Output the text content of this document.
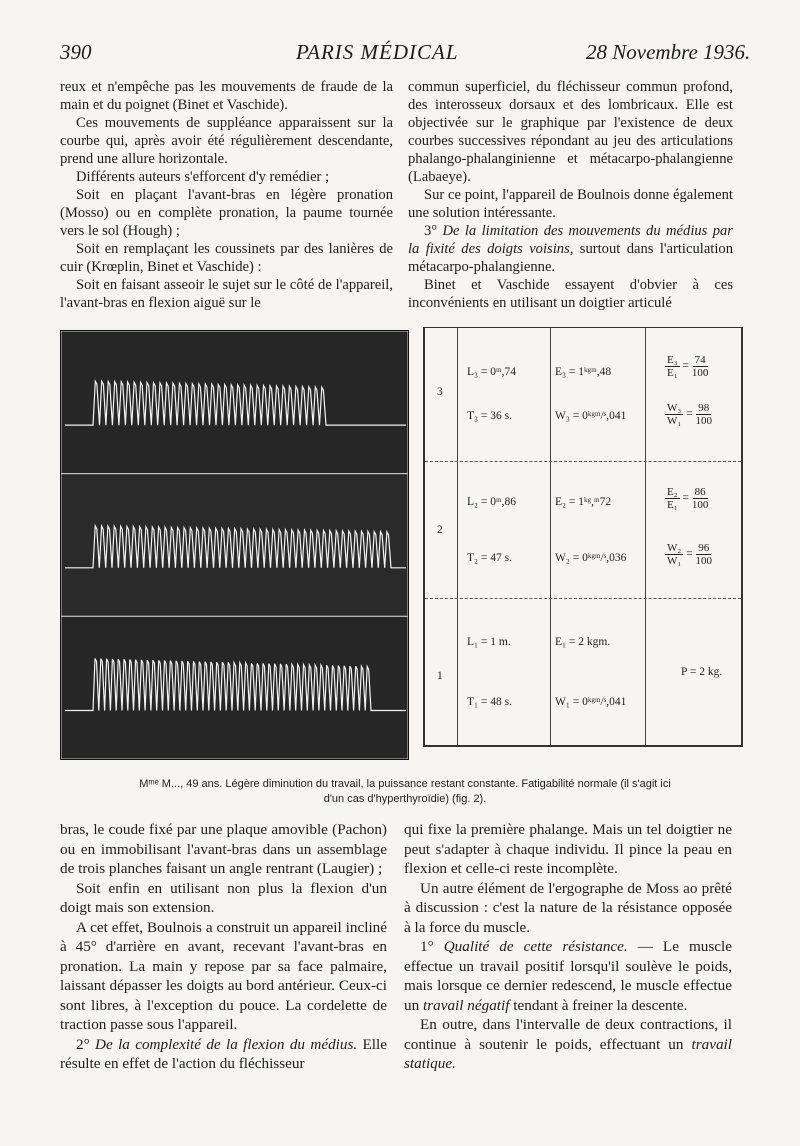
390	PARIS MÉDICAL	28 Novembre 1936.

reux et n'empêche pas les mouvements de fraude de la main et du poignet (Binet et Vaschide).

Ces mouvements de suppléance apparaissent sur la courbe qui, après avoir été régulièrement descendante, prend une allure horizontale.

Différents auteurs s'efforcent d'y remédier ;

Soit en plaçant l'avant-bras en légère pronation (Mosso) ou en complète pronation, la paume tournée vers le sol (Hough) ;

Soit en remplaçant les coussinets par des lanières de cuir (Krœplin, Binet et Vaschide) :

Soit en faisant asseoir le sujet sur le côté de l'appareil, l'avant-bras en flexion aiguë sur le

commun superficiel, du fléchisseur commun profond, des interosseux dorsaux et des lombricaux. Elle est objectivée sur le graphique par l'existence de deux courbes successives répondant au jeu des articulations phalango-phalanginienne et métacarpo-phalangienne (Labaeye).

Sur ce point, l'appareil de Boulnois donne également une solution intéressante.

3° De la limitation des mouvements du médius par la fixité des doigts voisins, surtout dans l'articulation métacarpo-phalangienne.

Binet et Vaschide essayent d'obvier à ces inconvénients en utilisant un doigtier articulé

3
L₃ = 0ᵐ,74
T₃ = 36 s.
E₃ = 1ᵏᵍᵐ,48
W₃ = 0ᵏᵍᵐ/ˢ,041
$\frac{\text{E₃}}{\text{E₁}} = \frac{74}{100}$
$\frac{\text{W₃}}{\text{W₁}} = \frac{98}{100}$
2
L₂ = 0ᵐ,86
T₂ = 47 s.
E₂ = 1ᵏᵍ,ᵐ72
W₂ = 0ᵏᵍᵐ/ˢ,036
$\frac{\text{E₂}}{\text{E₁}} = \frac{86}{100}$
$\frac{\text{W₂}}{\text{W₁}} = \frac{96}{100}$
1
L₁ = 1 m.
T₁ = 48 s.
E₁ = 2 kgm.
W₁ = 0ᵏᵍᵐ/ˢ,041
P = 2 kg.
Mᵐᵉ M..., 49 ans. Légère diminution du travail, la puissance restant constante. Fatigabilité normale (il s'agit ici
d'un cas d'hyperthyroïdie) (fig. 2).

bras, le coude fixé par une plaque amovible (Pachon) ou en immobilisant l'avant-bras dans un assemblage de trois planches faisant un angle rentrant (Laugier) ;

Soit enfin en utilisant non plus la flexion d'un doigt mais son extension.

A cet effet, Boulnois a construit un appareil incliné à 45° d'arrière en avant, recevant l'avant-bras en pronation. La main y repose par sa face palmaire, laissant dépasser les doigts au bord antérieur. Ceux-ci sont libres, à l'exception du pouce. La cordelette de traction passe sous l'appareil.

2° De la complexité de la flexion du médius. Elle résulte en effet de l'action du fléchisseur

qui fixe la première phalange. Mais un tel doigtier ne peut s'adapter à chaque individu. Il pince la peau en flexion et celle-ci reste incomplète.

Un autre élément de l'ergographe de Moss ao prêté à discussion : c'est la nature de la résistance opposée à la force du muscle.

1° Qualité de cette résistance. — Le muscle effectue un travail positif lorsqu'il soulève le poids, mais lorsque ce dernier redescend, le muscle effectue un travail négatif tendant à freiner la descente.

En outre, dans l'intervalle de deux contractions, il continue à soutenir le poids, effectuant un travail statique.
